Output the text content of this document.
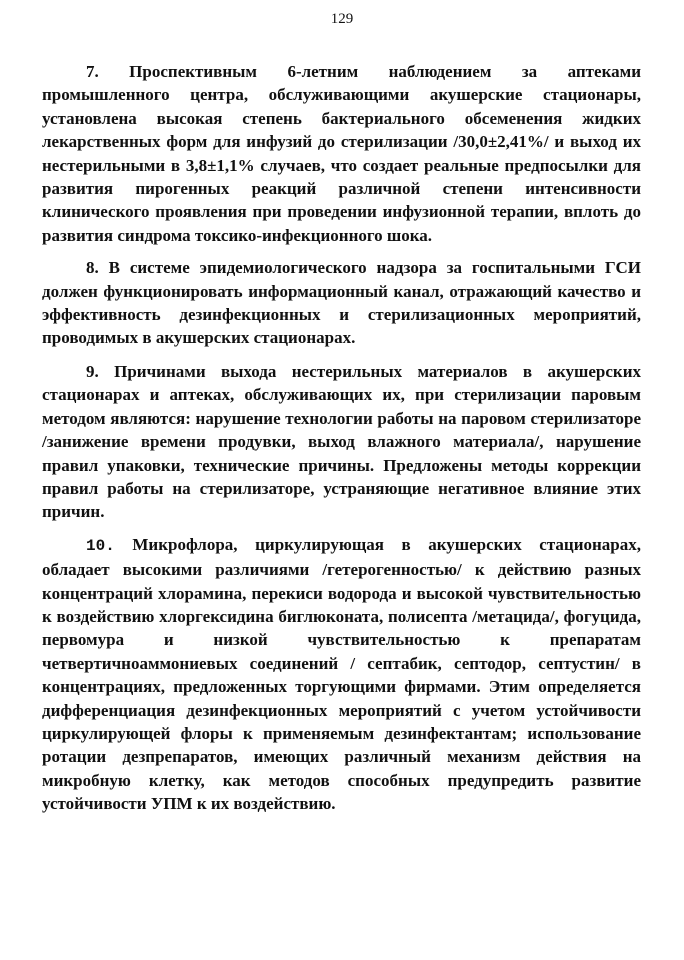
129

7. Проспективным 6-летним наблюдением за аптеками промышленного центра, обслуживающими акушерские стационары, установлена высокая степень бактериального обсеменения жидких лекарственных форм для инфузий до стерилизации /30,0±2,41%/ и выход их нестерильными в 3,8±1,1% случаев, что создает реальные предпосылки для развития пирогенных реакций различной степени интенсивности клинического проявления при проведении инфузионной терапии, вплоть до развития синдрома токсико-инфекционного шока.

8. В системе эпидемиологического надзора за госпитальными ГСИ должен функционировать информационный канал, отражающий качество и эффективность дезинфекционных и стерилизационных мероприятий, проводимых в акушерских стационарах.

9. Причинами выхода нестерильных материалов в акушерских стационарах и аптеках, обслуживающих их, при стерилизации паровым методом являются: нарушение технологии работы на паровом стерилизаторе /занижение времени продувки, выход влажного материала/, нарушение правил упаковки, технические причины. Предложены методы коррекции правил работы на стерилизаторе, устраняющие негативное влияние этих причин.

10. Микрофлора, циркулирующая в акушерских стационарах, обладает высокими различиями /гетерогенностью/ к действию разных концентраций хлорамина, перекиси водорода и высокой чувствительностью к воздействию хлоргексидина биглюконата, полисепта /метацида/, фогуцида, первомура и низкой чувствительностью к препаратам четвертичноаммониевых соединений / септабик, септодор, септустин/ в концентрациях, предложенных торгующими фирмами. Этим определяется дифференциация дезинфекционных мероприятий с учетом устойчивости циркулирующей флоры к применяемым дезинфектантам; использование ротации дезпрепаратов, имеющих различный механизм действия на микробную клетку, как методов способных предупредить развитие устойчивости УПМ к их воздействию.
